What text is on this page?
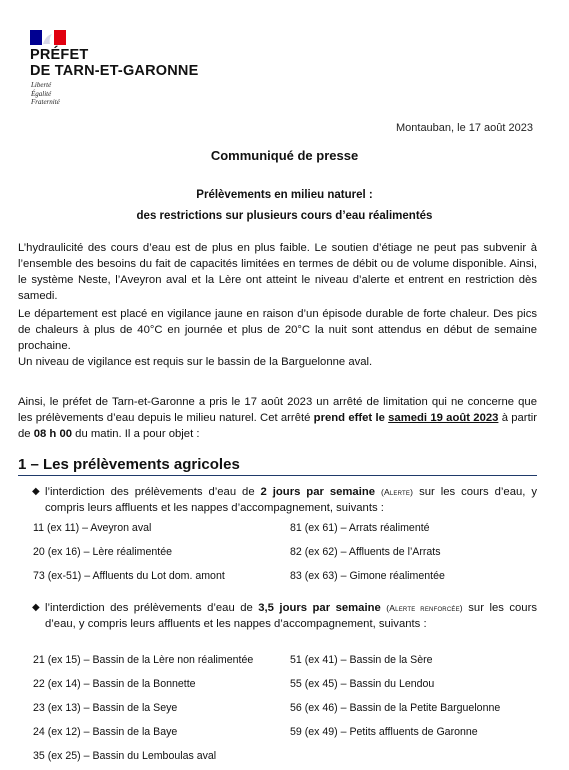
PRÉFET
DE TARN-ET-GARONNE
Liberté
Égalité
Fraternité
Montauban, le 17 août 2023
Communiqué de presse
Prélèvements en milieu naturel :
des restrictions sur plusieurs cours d’eau réalimentés

L’hydraulicité des cours d’eau est de plus en plus faible. Le soutien d’étiage ne peut pas subvenir à l’ensemble des besoins du fait de capacités limitées en termes de débit ou de volume disponible. Ainsi, le système Neste, l’Aveyron aval et la Lère ont atteint le niveau d’alerte et entrent en restriction dès samedi.

Le département est placé en vigilance jaune en raison d’un épisode durable de forte chaleur. Des pics de chaleurs à plus de 40°C en journée et plus de 20°C la nuit sont attendus en début de semaine prochaine.

Un niveau de vigilance est requis sur le bassin de la Barguelonne aval.

Ainsi, le préfet de Tarn-et-Garonne a pris le 17 août 2023 un arrêté de limitation qui ne concerne que les prélèvements d’eau depuis le milieu naturel. Cet arrêté prend effet le samedi 19 août 2023 à partir de 08 h 00 du matin. Il a pour objet :

1 – Les prélèvements agricoles
◆ l’interdiction des prélèvements d’eau de 2 jours par semaine (Alerte) sur les cours d’eau, y compris leurs affluents et les nappes d’accompagnement, suivants :
11 (ex 11) – Aveyron aval	81 (ex 61) – Arrats réalimenté
20 (ex 16) – Lère réalimentée	82 (ex 62) – Affluents de l’Arrats
73 (ex-51) – Affluents du Lot dom. amont	83 (ex 63) – Gimone réalimentée
◆ l’interdiction des prélèvements d’eau de 3,5 jours par semaine (Alerte renforcée) sur les cours d’eau, y compris leurs affluents et les nappes d’accompagnement, suivants :
21 (ex 15) – Bassin de la Lère non réalimentée	51 (ex 41) – Bassin de la Sère
22 (ex 14) – Bassin de la Bonnette	55 (ex 45) – Bassin du Lendou
23 (ex 13) – Bassin de la Seye	56 (ex 46) – Bassin de la Petite Barguelonne
24 (ex 12) – Bassin de la Baye	59 (ex 49) – Petits affluents de Garonne
35 (ex 25) – Bassin du Lemboulas aval
